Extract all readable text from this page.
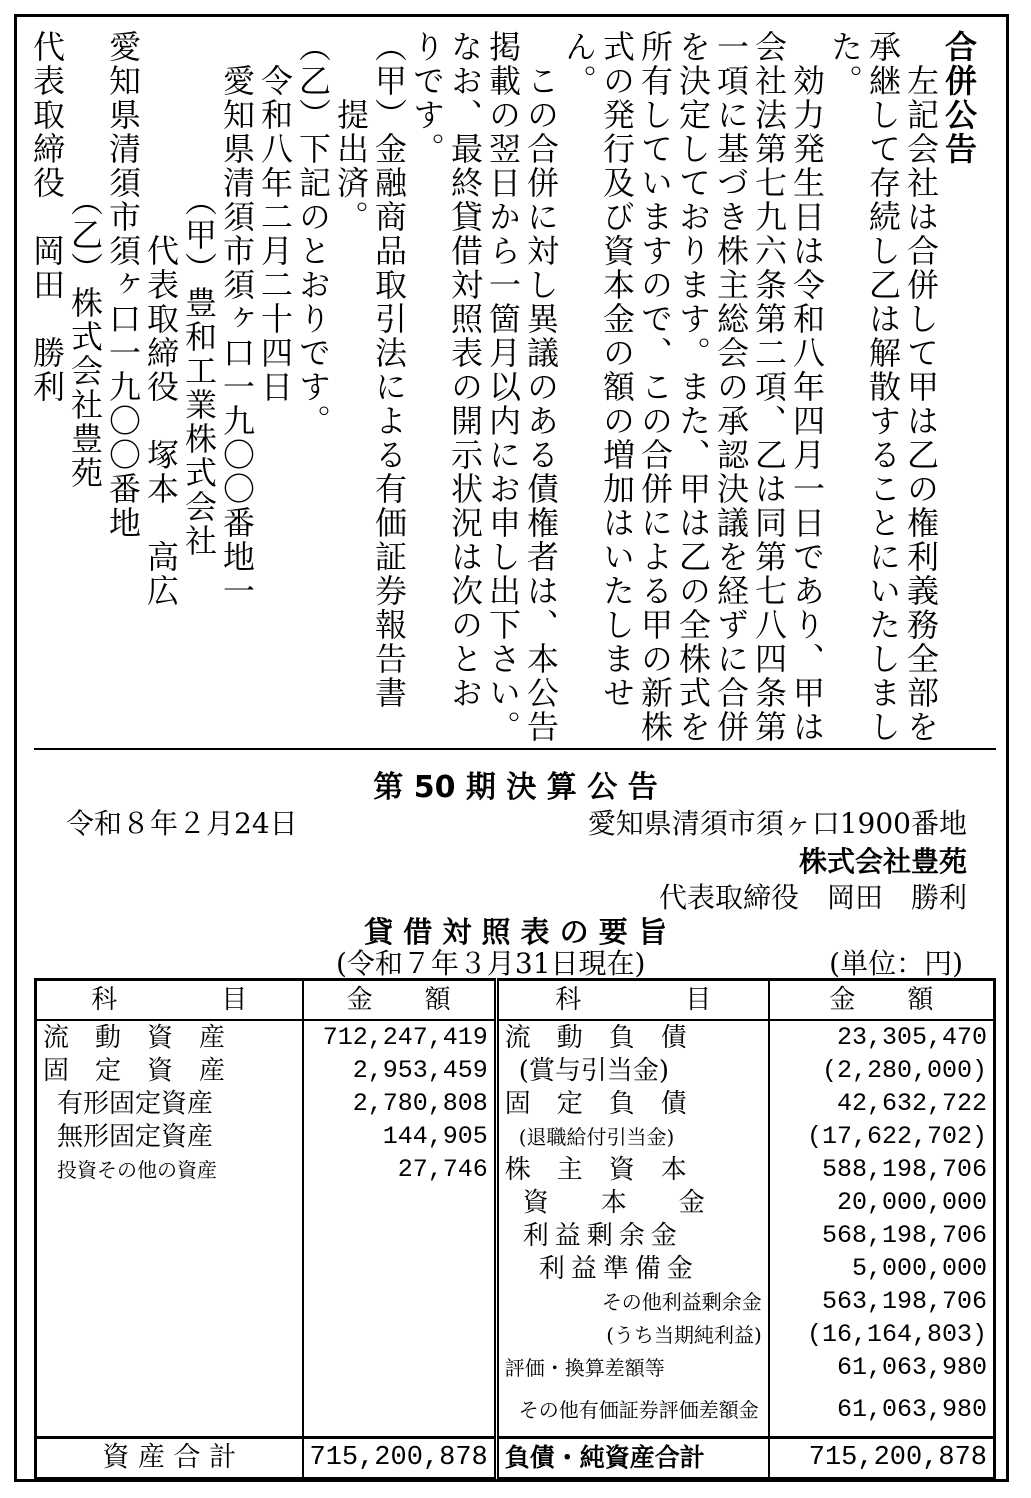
合併公告
　左記会社は合併して甲は乙の権利義務全部を
承継して存続し乙は解散することにいたしまし
た。
　効力発生日は令和八年四月一日であり、甲は
会社法第七九六条第二項、乙は同第七八四条第
一項に基づき株主総会の承認決議を経ずに合併
を決定しております。また、甲は乙の全株式を
所有していますので、この合併による甲の新株
式の発行及び資本金の額の増加はいたしませ
ん。
　この合併に対し異議のある債権者は、本公告
掲載の翌日から一箇月以内にお申し出下さい。
なお、最終貸借対照表の開示状況は次のとお
りです。
（甲）金融商品取引法による有価証券報告書
　　提出済。
（乙）下記のとおりです。
　令和八年二月二十四日
　愛知県清須市須ヶ口一九〇〇番地一
　　　　　（甲）豊和工業株式会社
　　　　　　代表取締役　塚本　高広
愛知県清須市須ヶ口一九〇〇番地
　　　　　（乙）株式会社豊苑
代表取締役　岡田　勝利
第 50 期 決 算 公 告
令和８年２月24日	愛知県清須市須ヶ口1900番地
株式会社豊苑
代表取締役　岡田　勝利
貸 借 対 照 表 の 要 旨
(令和７年３月31日現在)	(単位：円)
科　　　　目	金　　額	科　　　　目	金　　額
流　動　資　産	712,247,419	流　動　負　債	23,305,470
固　定　資　産	2,953,459	(賞与引当金)	(2,280,000)
有形固定資産	2,780,808	固　定　負　債	42,632,722
無形固定資産	144,905	(退職給付引当金)	(17,622,702)
投資その他の資産	27,746	株　主　資　本	588,198,706
		資　　本　　金	20,000,000
		利益剰余金	568,198,706
		利益準備金	5,000,000
		その他利益剰余金	563,198,706
		(うち当期純利益)	(16,164,803)
		評価・換算差額等	61,063,980
		その他有価証券評価差額金	61,063,980
資 産 合 計	715,200,878	負債・純資産合計	715,200,878
